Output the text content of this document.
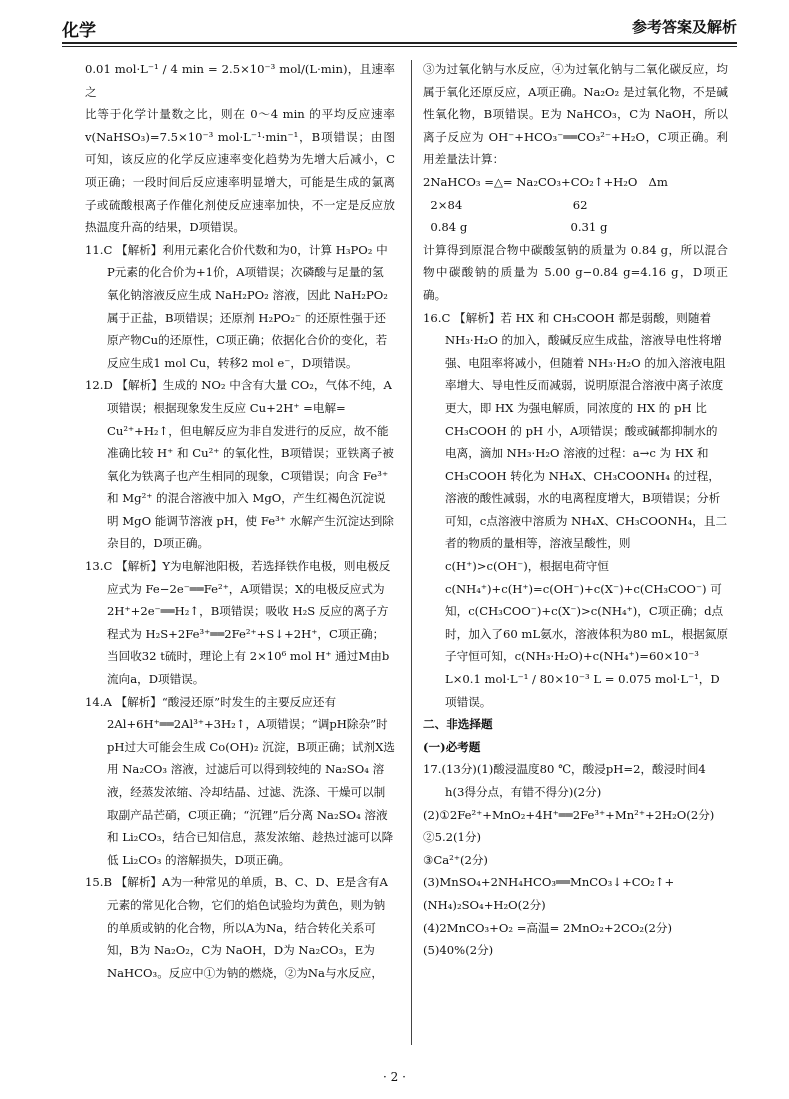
化学	参考答案及解析
0.01 mol·L⁻¹ / 4 min = 2.5×10⁻³ mol/(L·min)，且速率之
比等于化学计量数之比，则在 0～4 min 的平均反应速率 v(NaHSO₃)=7.5×10⁻³ mol·L⁻¹·min⁻¹，B项错误；由图可知，该反应的化学反应速率变化趋势为先增大后减小，C项正确；一段时间后反应速率明显增大，可能是生成的氯离子或硫酸根离子作催化剂使反应速率加快，不一定是反应放热温度升高的结果，D项错误。
11.C 【解析】利用元素化合价代数和为0，计算 H₃PO₂ 中P元素的化合价为+1价，A项错误；次磷酸与足量的氢氧化钠溶液反应生成 NaH₂PO₂ 溶液，因此 NaH₂PO₂ 属于正盐，B项错误；还原剂 H₂PO₂⁻ 的还原性强于还原产物Cu的还原性，C项正确；依据化合价的变化，若反应生成1 mol Cu，转移2 mol e⁻，D项错误。
12.D 【解析】生成的 NO₂ 中含有大量 CO₂，气体不纯，A项错误；根据现象发生反应 Cu+2H⁺ =电解= Cu²⁺+H₂↑，但电解反应为非自发进行的反应，故不能准确比较 H⁺ 和 Cu²⁺ 的氧化性，B项错误；亚铁离子被氧化为铁离子也产生相同的现象，C项错误；向含 Fe³⁺ 和 Mg²⁺ 的混合溶液中加入 MgO，产生红褐色沉淀说明 MgO 能调节溶液 pH，使 Fe³⁺ 水解产生沉淀达到除杂目的，D项正确。
13.C 【解析】Y为电解池阳极，若选择铁作电极，则电极反应式为 Fe−2e⁻══Fe²⁺，A项错误；X的电极反应式为 2H⁺+2e⁻══H₂↑，B项错误；吸收 H₂S 反应的离子方程式为 H₂S+2Fe³⁺══2Fe²⁺+S↓+2H⁺，C项正确；当回收32 t硫时，理论上有 2×10⁶ mol H⁺ 通过M由b流向a，D项错误。
14.A 【解析】“酸浸还原”时发生的主要反应还有 2Al+6H⁺══2Al³⁺+3H₂↑，A项错误；“调pH除杂”时pH过大可能会生成 Co(OH)₂ 沉淀，B项正确；试剂X选用 Na₂CO₃ 溶液，过滤后可以得到较纯的 Na₂SO₄ 溶液，经蒸发浓缩、冷却结晶、过滤、洗涤、干燥可以制取副产品芒硝，C项正确；“沉锂”后分离 Na₂SO₄ 溶液和 Li₂CO₃，结合已知信息，蒸发浓缩、趁热过滤可以降低 Li₂CO₃ 的溶解损失，D项正确。
15.B 【解析】A为一种常见的单质，B、C、D、E是含有A元素的常见化合物，它们的焰色试验均为黄色，则为钠的单质或钠的化合物，所以A为Na，结合转化关系可知，B为 Na₂O₂，C为 NaOH，D为 Na₂CO₃，E为 NaHCO₃。反应中①为钠的燃烧，②为Na与水反应，
③为过氧化钠与水反应，④为过氧化钠与二氧化碳反应，均属于氧化还原反应，A项正确。Na₂O₂ 是过氧化物，不是碱性氧化物，B项错误。E为 NaHCO₃，C为 NaOH，所以离子反应为 OH⁻+HCO₃⁻══CO₃²⁻+H₂O，C项正确。利用差量法计算：
2NaHCO₃ =△= Na₂CO₃+CO₂↑+H₂O   Δm
2×84                              62
0.84 g                            0.31 g
计算得到原混合物中碳酸氢钠的质量为 0.84 g，所以混合物中碳酸钠的质量为 5.00 g−0.84 g=4.16 g，D项正确。
16.C 【解析】若 HX 和 CH₃COOH 都是弱酸，则随着 NH₃·H₂O 的加入，酸碱反应生成盐，溶液导电性将增强、电阻率将减小，但随着 NH₃·H₂O 的加入溶液电阻率增大、导电性反而减弱，说明原混合溶液中离子浓度更大，即 HX 为强电解质，同浓度的 HX 的 pH 比 CH₃COOH 的 pH 小，A项错误；酸或碱都抑制水的电离，滴加 NH₃·H₂O 溶液的过程：a→c 为 HX 和 CH₃COOH 转化为 NH₄X、CH₃COONH₄ 的过程，溶液的酸性减弱，水的电离程度增大，B项错误；分析可知，c点溶液中溶质为 NH₄X、CH₃COONH₄，且二者的物质的量相等，溶液呈酸性，则 c(H⁺)>c(OH⁻)，根据电荷守恒 c(NH₄⁺)+c(H⁺)=c(OH⁻)+c(X⁻)+c(CH₃COO⁻) 可知，c(CH₃COO⁻)+c(X⁻)>c(NH₄⁺)，C项正确；d点时，加入了60 mL氨水，溶液体积为80 mL，根据氮原子守恒可知，c(NH₃·H₂O)+c(NH₄⁺)=60×10⁻³ L×0.1 mol·L⁻¹ / 80×10⁻³ L = 0.075 mol·L⁻¹，D项错误。
二、非选择题
(一)必考题
17.(13分)(1)酸浸温度80 ℃，酸浸pH=2，酸浸时间4 h(3得分点，有错不得分)(2分)
(2)①2Fe²⁺+MnO₂+4H⁺══2Fe³⁺+Mn²⁺+2H₂O(2分)
②5.2(1分)
③Ca²⁺(2分)
(3)MnSO₄+2NH₄HCO₃══MnCO₃↓+CO₂↑+(NH₄)₂SO₄+H₂O(2分)
(4)2MnCO₃+O₂ =高温= 2MnO₂+2CO₂(2分)
(5)40%(2分)
· 2 ·
